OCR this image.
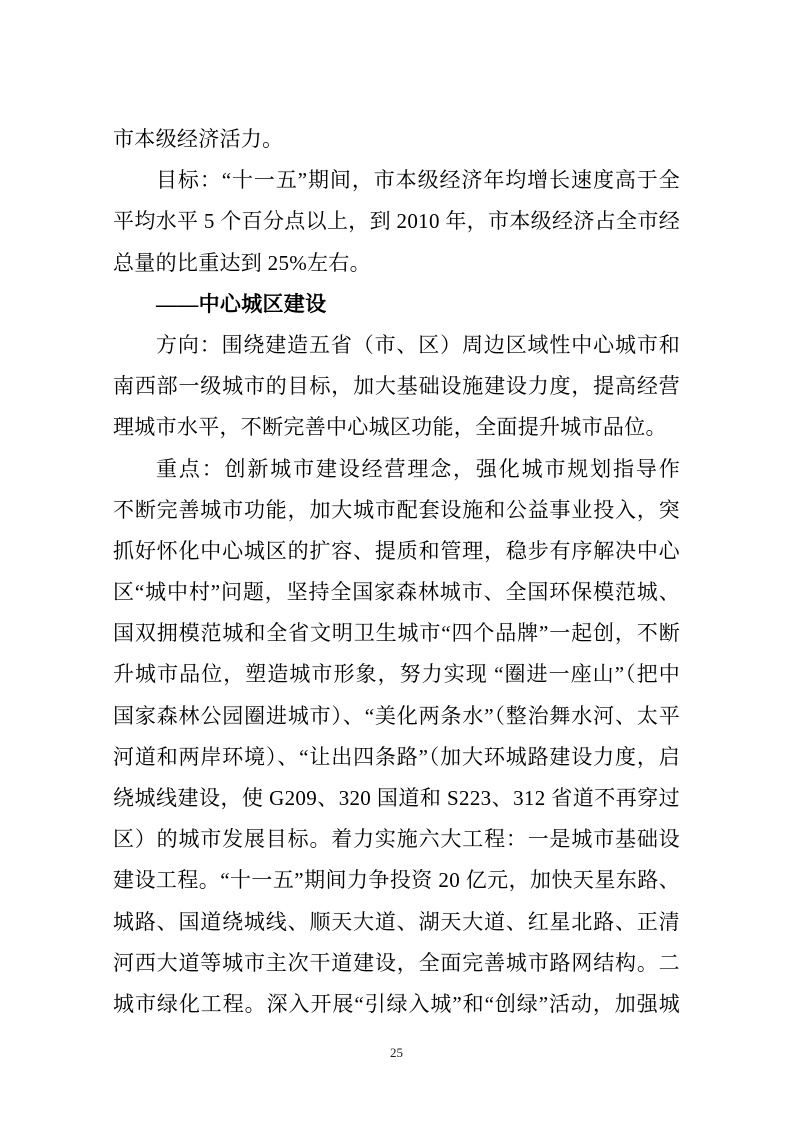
市本级经济活力。
目标：“十一五”期间，市本级经济年均增长速度高于全
平均水平 5 个百分点以上，到 2010 年，市本级经济占全市经
总量的比重达到 25%左右。
——中心城区建设
方向：围绕建造五省（市、区）周边区域性中心城市和
南西部一级城市的目标，加大基础设施建设力度，提高经营
理城市水平，不断完善中心城区功能，全面提升城市品位。
重点：创新城市建设经营理念，强化城市规划指导作
不断完善城市功能，加大城市配套设施和公益事业投入，突
抓好怀化中心城区的扩容、提质和管理，稳步有序解决中心
区“城中村”问题，坚持全国家森林城市、全国环保模范城、
国双拥模范城和全省文明卫生城市“四个品牌”一起创，不断
升城市品位，塑造城市形象，努力实现 “圈进一座山”（把中
国家森林公园圈进城市）、“美化两条水”（整治舞水河、太平
河道和两岸环境）、“让出四条路”（加大环城路建设力度，启
绕城线建设，使 G209、320 国道和 S223、312 省道不再穿过
区）的城市发展目标。着力实施六大工程：一是城市基础设
建设工程。“十一五”期间力争投资 20 亿元，加快天星东路、
城路、国道绕城线、顺天大道、湖天大道、红星北路、正清
河西大道等城市主次干道建设，全面完善城市路网结构。二
城市绿化工程。深入开展“引绿入城”和“创绿”活动，加强城
25
